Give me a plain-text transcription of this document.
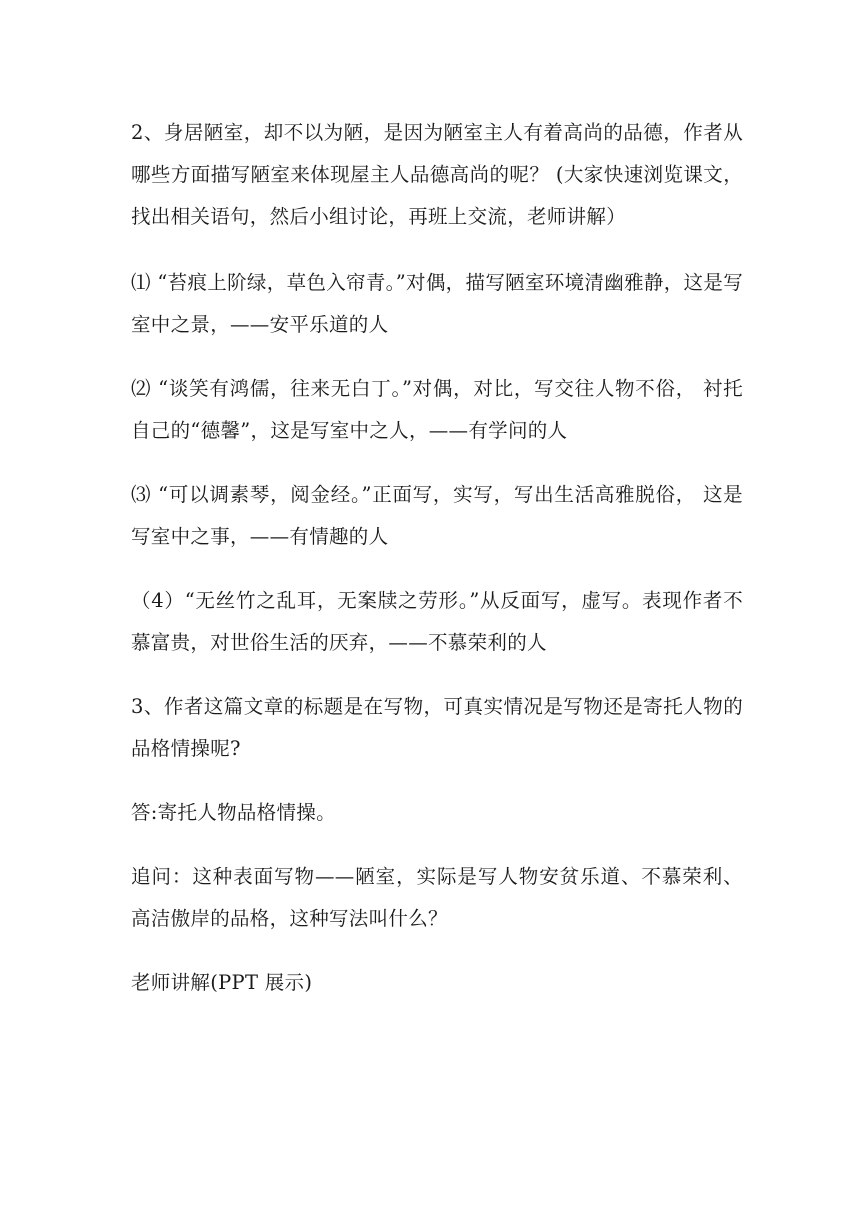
2、身居陋室，却不以为陋，是因为陋室主人有着高尚的品德，作者从哪些方面描写陋室来体现屋主人品德高尚的呢？ (大家快速浏览课文，找出相关语句，然后小组讨论，再班上交流，老师讲解）

⑴ “苔痕上阶绿，草色入帘青。”对偶，描写陋室环境清幽雅静，这是写室中之景，——安平乐道的人

⑵ “谈笑有鸿儒，往来无白丁。”对偶，对比，写交往人物不俗， 衬托自己的“德馨”，这是写室中之人，——有学问的人

⑶ “可以调素琴，阅金经。”正面写，实写，写出生活高雅脱俗， 这是写室中之事，——有情趣的人

（4）“无丝竹之乱耳，无案牍之劳形。”从反面写，虚写。表现作者不慕富贵，对世俗生活的厌弃，——不慕荣利的人

3、作者这篇文章的标题是在写物，可真实情况是写物还是寄托人物的品格情操呢?

答:寄托人物品格情操。

追问：这种表面写物——陋室，实际是写人物安贫乐道、不慕荣利、高洁傲岸的品格，这种写法叫什么？

老师讲解(PPT 展示)
